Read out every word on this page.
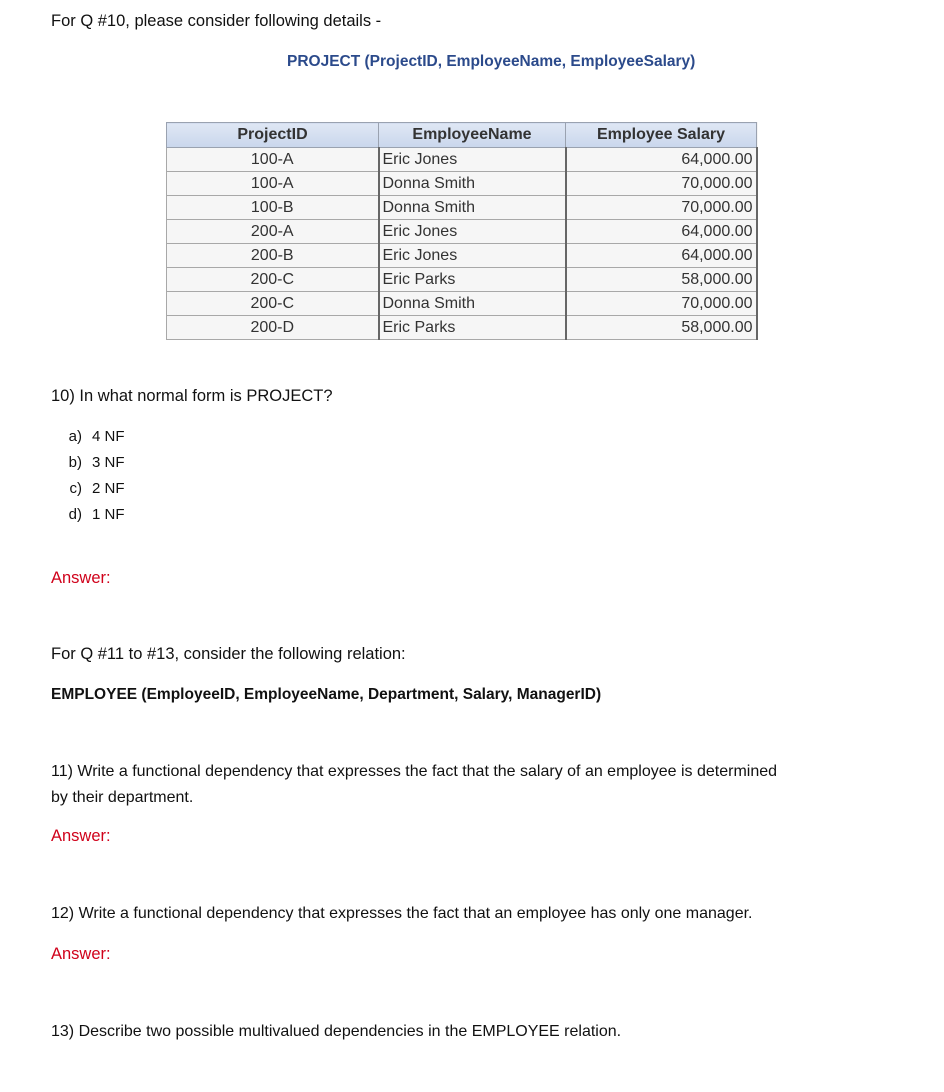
For Q #10, please consider following details -
PROJECT (ProjectID, EmployeeName, EmployeeSalary)
ProjectID	EmployeeName	Employee Salary
100-A	Eric Jones	64,000.00
100-A	Donna Smith	70,000.00
100-B	Donna Smith	70,000.00
200-A	Eric Jones	64,000.00
200-B	Eric Jones	64,000.00
200-C	Eric Parks	58,000.00
200-C	Donna Smith	70,000.00
200-D	Eric Parks	58,000.00
10) In what normal form is PROJECT?
a) 4 NF
b) 3 NF
c) 2 NF
d) 1 NF
Answer:
For Q #11 to #13, consider the following relation:
EMPLOYEE (EmployeeID, EmployeeName, Department, Salary, ManagerID)
11) Write a functional dependency that expresses the fact that the salary of an employee is determined
by their department.
Answer:
12) Write a functional dependency that expresses the fact that an employee has only one manager.
Answer:
13) Describe two possible multivalued dependencies in the EMPLOYEE relation.
